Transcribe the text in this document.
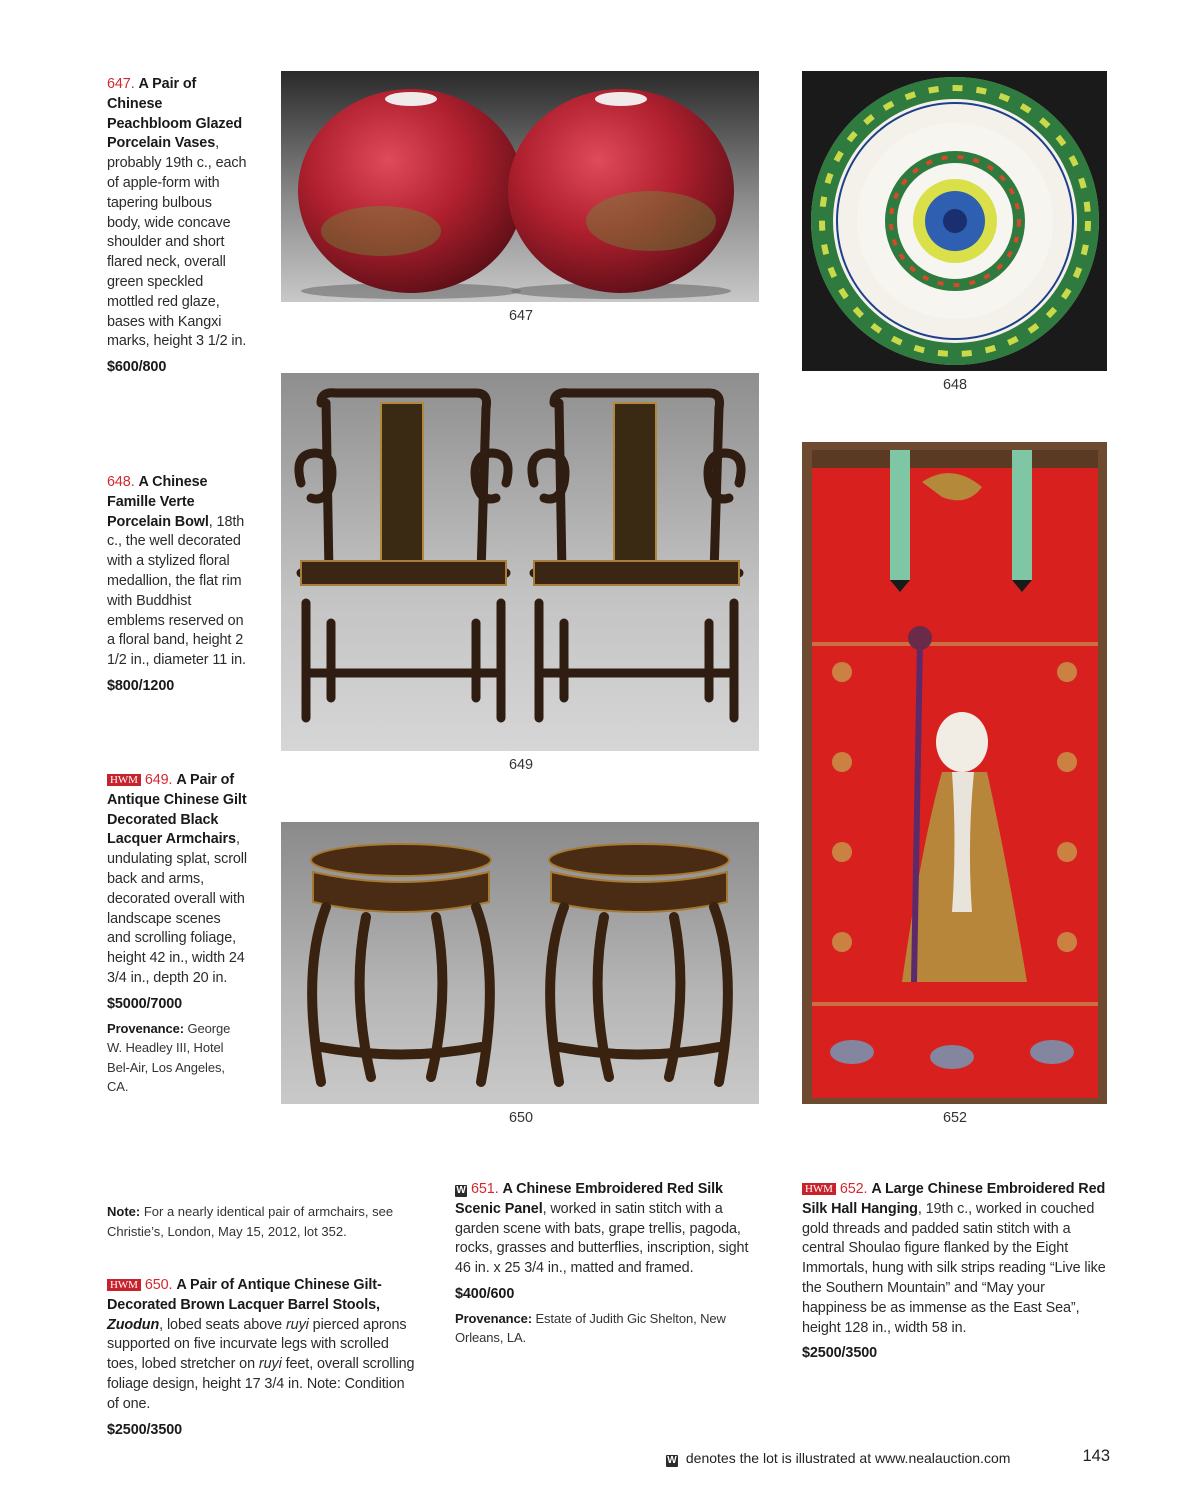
647. A Pair of Chinese Peachbloom Glazed Porcelain Vases, probably 19th c., each of apple-form with tapering bulbous body, wide concave shoulder and short flared neck, overall green speckled mottled red glaze, bases with Kangxi marks, height 3 1/2 in.
$600/800
648. A Chinese Famille Verte Porcelain Bowl, 18th c., the well decorated with a stylized floral medallion, the flat rim with Buddhist emblems reserved on a floral band, height 2 1/2 in., diameter 11 in.
$800/1200
HWM 649. A Pair of Antique Chinese Gilt Decorated Black Lacquer Armchairs, undulating splat, scroll back and arms, decorated overall with landscape scenes and scrolling foliage, height 42 in., width 24 3/4 in., depth 20 in.
$5000/7000
Provenance: George W. Headley III, Hotel Bel-Air, Los Angeles, CA.
Note: For a nearly identical pair of armchairs, see Christie’s, London, May 15, 2012, lot 352.
HWM 650. A Pair of Antique Chinese Gilt-Decorated Brown Lacquer Barrel Stools, Zuodun, lobed seats above ruyi pierced aprons supported on five incurvate legs with scrolled toes, lobed stretcher on ruyi feet, overall scrolling foliage design, height 17 3/4 in. Note: Condition of one.
$2500/3500
W 651. A Chinese Embroidered Red Silk Scenic Panel, worked in satin stitch with a garden scene with bats, grape trellis, pagoda, rocks, grasses and butterflies, inscription, sight 46 in. x 25 3/4 in., matted and framed.
$400/600
Provenance: Estate of Judith Gic Shelton, New Orleans, LA.
HWM 652. A Large Chinese Embroidered Red Silk Hall Hanging, 19th c., worked in couched gold threads and padded satin stitch with a central Shoulao figure flanked by the Eight Immortals, hung with silk strips reading “Live like the Southern Mountain” and “May your happiness be as immense as the East Sea”, height 128 in., width 58 in.
$2500/3500
647
648
649
650	652
W denotes the lot is illustrated at www.nealauction.com	143
